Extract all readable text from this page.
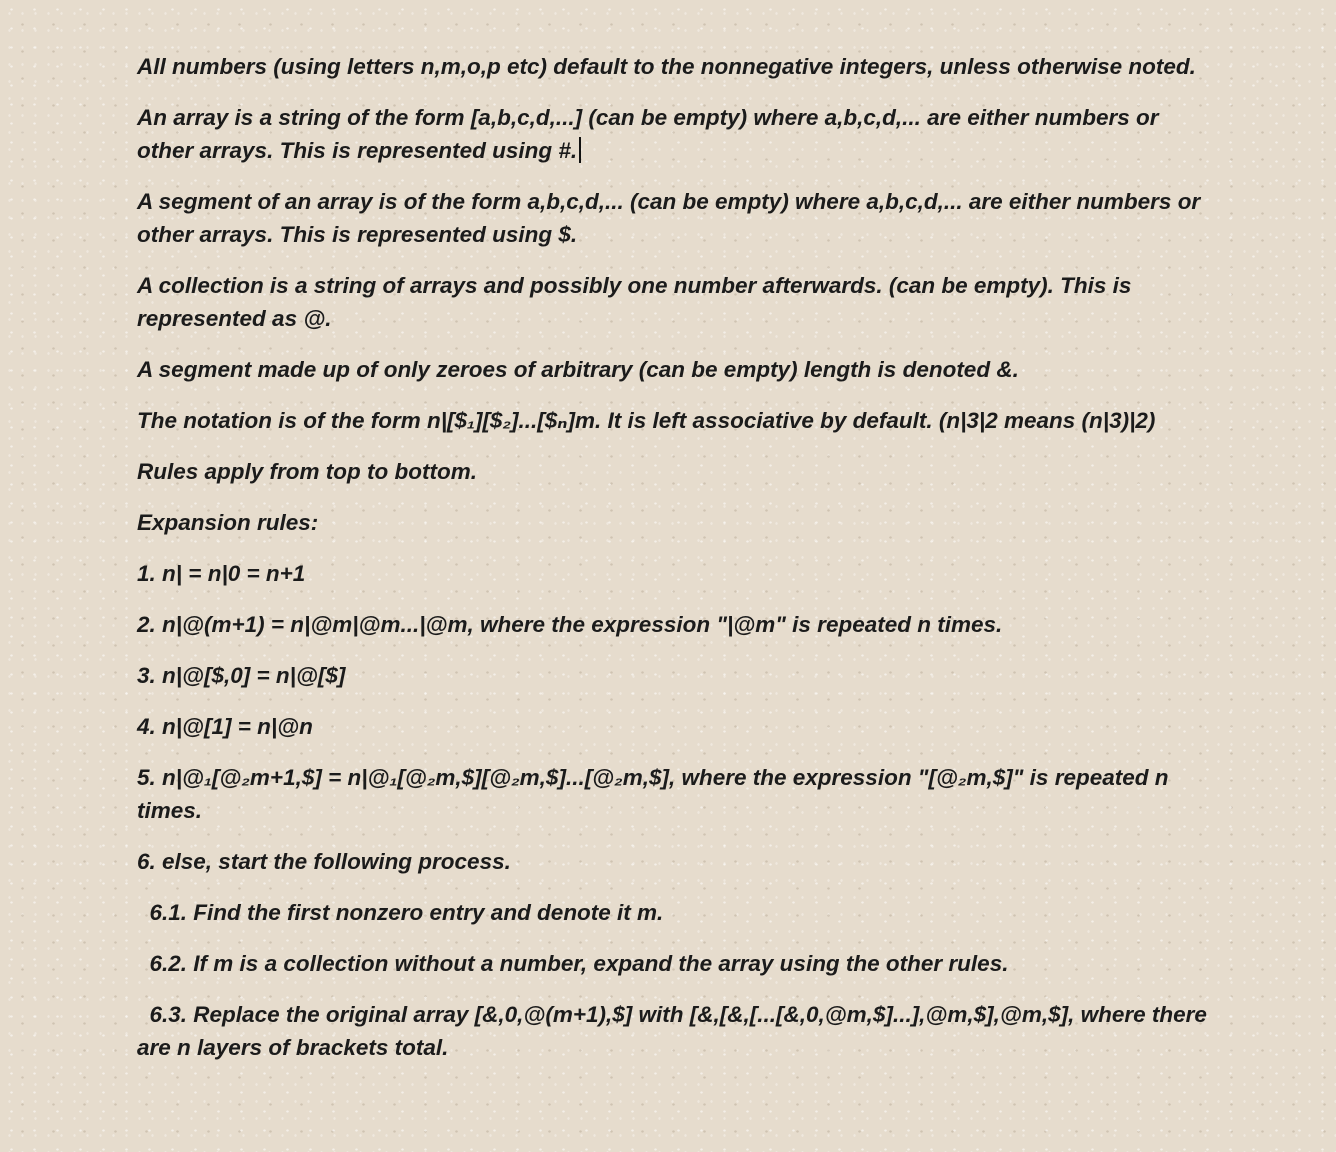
All numbers (using letters n,m,o,p etc) default to the nonnegative integers, unless otherwise noted.

An array is a string of the form [a,b,c,d,...] (can be empty) where a,b,c,d,... are either numbers or other arrays. This is represented using #.

A segment of an array is of the form a,b,c,d,... (can be empty) where a,b,c,d,... are either numbers or other arrays. This is represented using $.

A collection is a string of arrays and possibly one number afterwards. (can be empty). This is represented as @.

A segment made up of only zeroes of arbitrary (can be empty) length is denoted &.

The notation is of the form n|[$₁][$₂]...[$ₙ]m. It is left associative by default. (n|3|2 means (n|3)|2)

Rules apply from top to bottom.

Expansion rules:

1. n| = n|0 = n+1

2. n|@(m+1) = n|@m|@m...|@m, where the expression "|@m" is repeated n times.

3. n|@[$,0] = n|@[$]

4. n|@[1] = n|@n

5. n|@₁[@₂m+1,$] = n|@₁[@₂m,$][@₂m,$]...[@₂m,$], where the expression "[@₂m,$]" is repeated n times.

6. else, start the following process.

6.1. Find the first nonzero entry and denote it m.

6.2. If m is a collection without a number, expand the array using the other rules.

6.3. Replace the original array [&,0,@(m+1),$] with [&,[&,[...[&,0,@m,$]...],@m,$],@m,$], where there are n layers of brackets total.
